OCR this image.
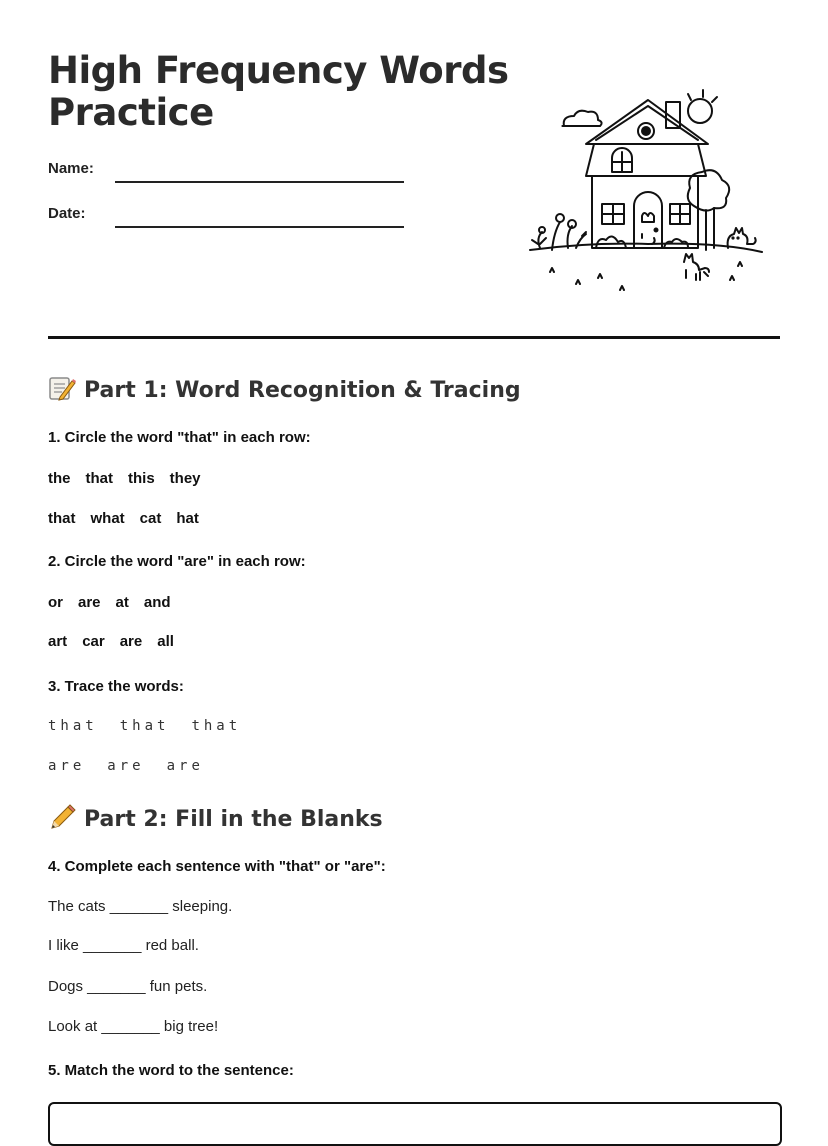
High Frequency Words
Practice
Name:
Date:
Part 1: Word Recognition & Tracing
1. Circle the word "that" in each row:
the that this they
that what cat hat
2. Circle the word "are" in each row:
or are at and
art car are all
3. Trace the words:
that that that
are are are
Part 2: Fill in the Blanks
4. Complete each sentence with "that" or "are":
The cats _______ sleeping.
I like _______ red ball.
Dogs _______ fun pets.
Look at _______ big tree!
5. Match the word to the sentence:
